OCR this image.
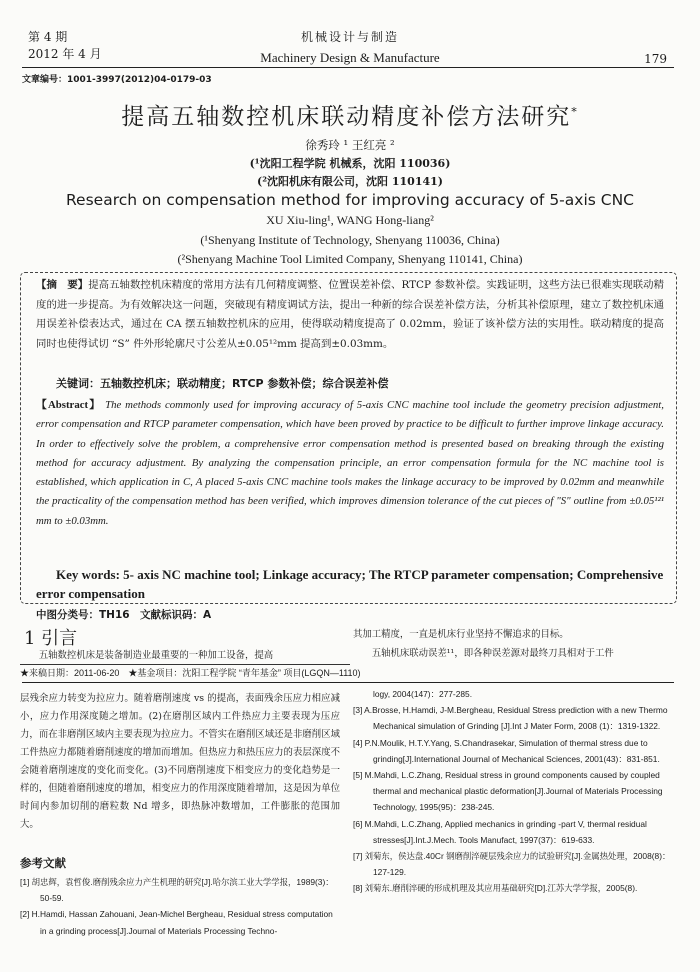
第 4 期
2012 年 4 月
机械设计与制造
Machinery Design & Manufacture	179
文章编号：1001-3997(2012)04-0179-03
提高五轴数控机床联动精度补偿方法研究*
徐秀玲 ¹ 王红亮 ²
(¹沈阳工程学院 机械系，沈阳 110036)
(²沈阳机床有限公司，沈阳 110141)
Research on compensation method for improving accuracy of 5-axis CNC
XU Xiu-ling¹, WANG Hong-liang²
(¹Shenyang Institute of Technology, Shenyang 110036, China)
(²Shenyang Machine Tool Limited Company, Shenyang 110141, China)
【摘　要】提高五轴数控机床精度的常用方法有几何精度调整、位置误差补偿、RTCP 参数补偿。实践证明，这些方法已很难实现联动精度的进一步提高。为有效解决这一问题，突破现有精度调试方法，提出一种新的综合误差补偿方法，分析其补偿原理，建立了数控机床通用误差补偿表达式，通过在 CA 摆五轴数控机床的应用，使得联动精度提高了 0.02mm，验证了该补偿方法的实用性。联动精度的提高同时也使得试切 “S” 件外形轮廓尺寸公差从±0.05¹²mm 提高到±0.03mm。
关键词：五轴数控机床；联动精度；RTCP 参数补偿；综合误差补偿
【Abstract】 The methods commonly used for improving accuracy of 5-axis CNC machine tool include the geometry precision adjustment, error compensation and RTCP parameter compensation, which have been proved by practice to be difficult to further improve linkage accuracy. In order to effectively solve the problem, a comprehensive error compensation method is presented based on breaking through the existing method for accuracy adjustment. By analyzing the compensation principle, an error compensation formula for the NC machine tool is established, which application in C, A placed 5-axis CNC machine tools makes the linkage accuracy to be improved by 0.02mm and meanwhile the practicality of the compensation method has been verified, which improves dimension tolerance of the cut pieces of "S" outline from ±0.05¹²¹ mm to ±0.03mm.
Key words: 5- axis NC machine tool; Linkage accuracy; The RTCP parameter compensation; Comprehensive error compensation
中图分类号：TH16　文献标识码：A
1 引言
五轴数控机床是装备制造业最重要的一种加工设备，提高
其加工精度，一直是机床行业坚持不懈追求的目标。
五轴机床联动误差¹¹，即各种误差源对最终刀具相对于工件
★来稿日期：2011-06-20　★基金项目：沈阳工程学院 “青年基金” 项目(LGQN—1110)
层残余应力转变为拉应力。随着磨削速度 vs 的提高，表面残余压应力相应减小，应力作用深度随之增加。(2)在磨削区域内工件热应力主要表现为压应力，而在非磨削区域内主要表现为拉应力。不管实在磨削区域还是非磨削区域工件热应力都随着磨削速度的增加而增加。但热应力和热压应力的表层深度不会随着磨削速度的变化而变化。(3)不同磨削速度下相变应力的变化趋势是一样的，但随着磨削速度的增加，相变应力的作用深度随着增加，这是因为单位时间内参加切削的磨粒数 Nd 增多，即热脉冲数增加，工件膨胀的范围加大。
参考文献
[1] 胡忠辉，袁哲俊.磨削残余应力产生机理的研究[J].哈尔滨工业大学学报，1989(3)：50-59.
[2] H.Hamdi, Hassan Zahouani, Jean-Michel Bergheau, Residual stress computation in a grinding process[J].Journal of Materials Processing Techno-
logy, 2004(147)：277-285.
[3] A.Brosse, H.Hamdi, J-M.Bergheau, Residual Stress prediction with a new Thermo Mechanical simulation of Grinding [J].Int J Mater Form, 2008 (1)：1319-1322.
[4] P.N.Moulik, H.T.Y.Yang, S.Chandrasekar, Simulation of thermal stress due to grinding[J].International Journal of Mechanical Sciences, 2001(43)：831-851.
[5] M.Mahdi, L.C.Zhang, Residual stress in ground components caused by coupled thermal and mechanical plastic deformation[J].Journal of Materials Processing Technology, 1995(95)：238-245.
[6] M.Mahdi, L.C.Zhang, Applied mechanics in grinding -part V, thermal residual stresses[J].Int.J.Mech. Tools Manufact, 1997(37)：619-633.
[7] 刘菊东，侯达盘.40Cr 钢磨削淬硬层残余应力的试验研究[J].金属热处理，2008(8)：127-129.
[8] 刘菊东.磨削淬硬的形成机理及其应用基础研究[D].江苏大学学报，2005(8).
